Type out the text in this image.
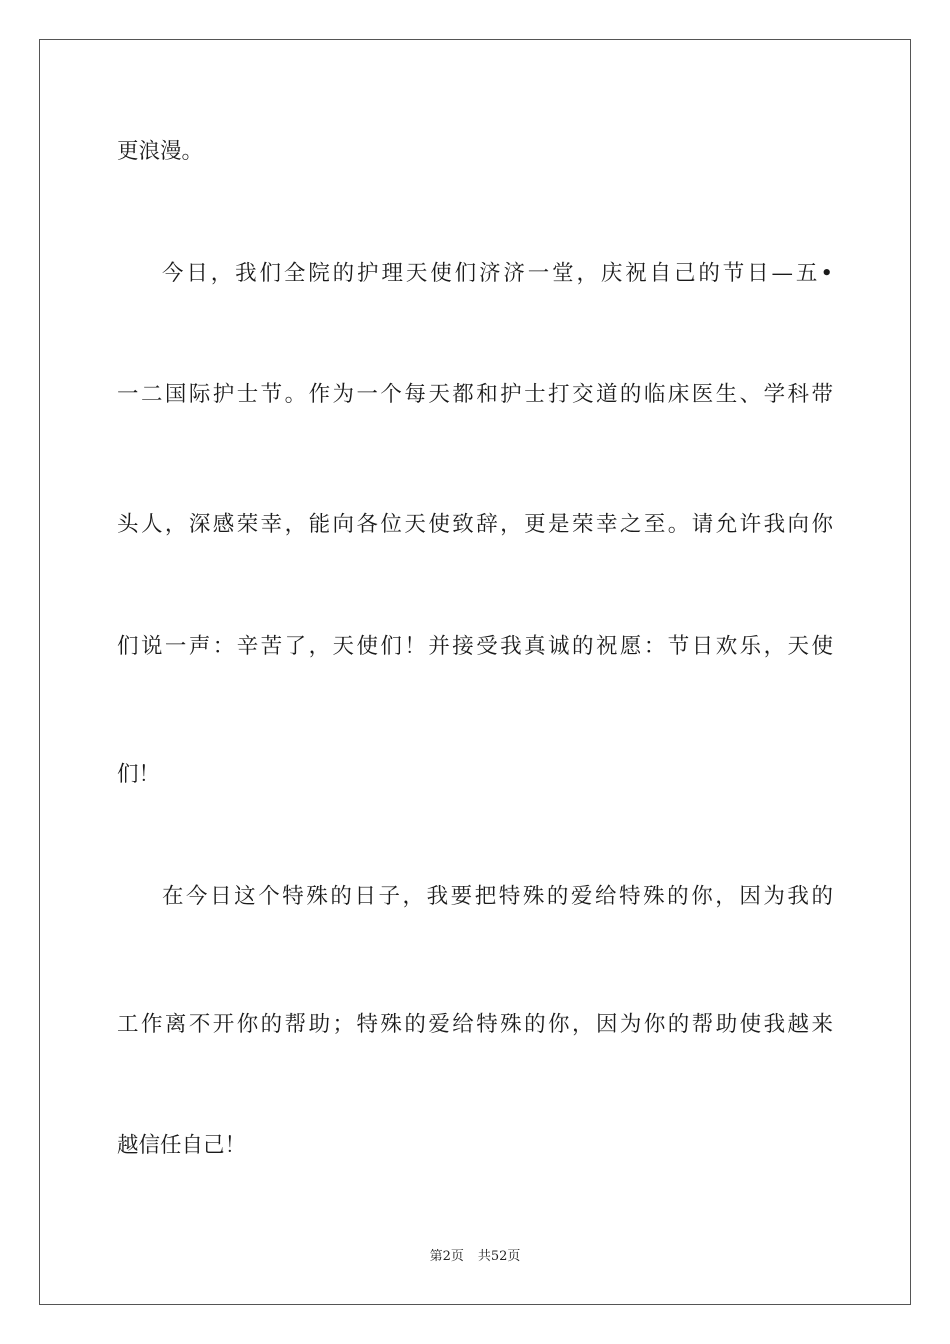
更浪漫。
今日，我们全院的护理天使们济济一堂，庆祝自己的节日—五•
一二国际护士节。作为一个每天都和护士打交道的临床医生、学科带
头人，深感荣幸，能向各位天使致辞，更是荣幸之至。请允许我向你
们说一声：辛苦了，天使们！并接受我真诚的祝愿：节日欢乐，天使
们！
在今日这个特殊的日子，我要把特殊的爱给特殊的你，因为我的
工作离不开你的帮助；特殊的爱给特殊的你，因为你的帮助使我越来
越信任自己！
第2页 共52页
